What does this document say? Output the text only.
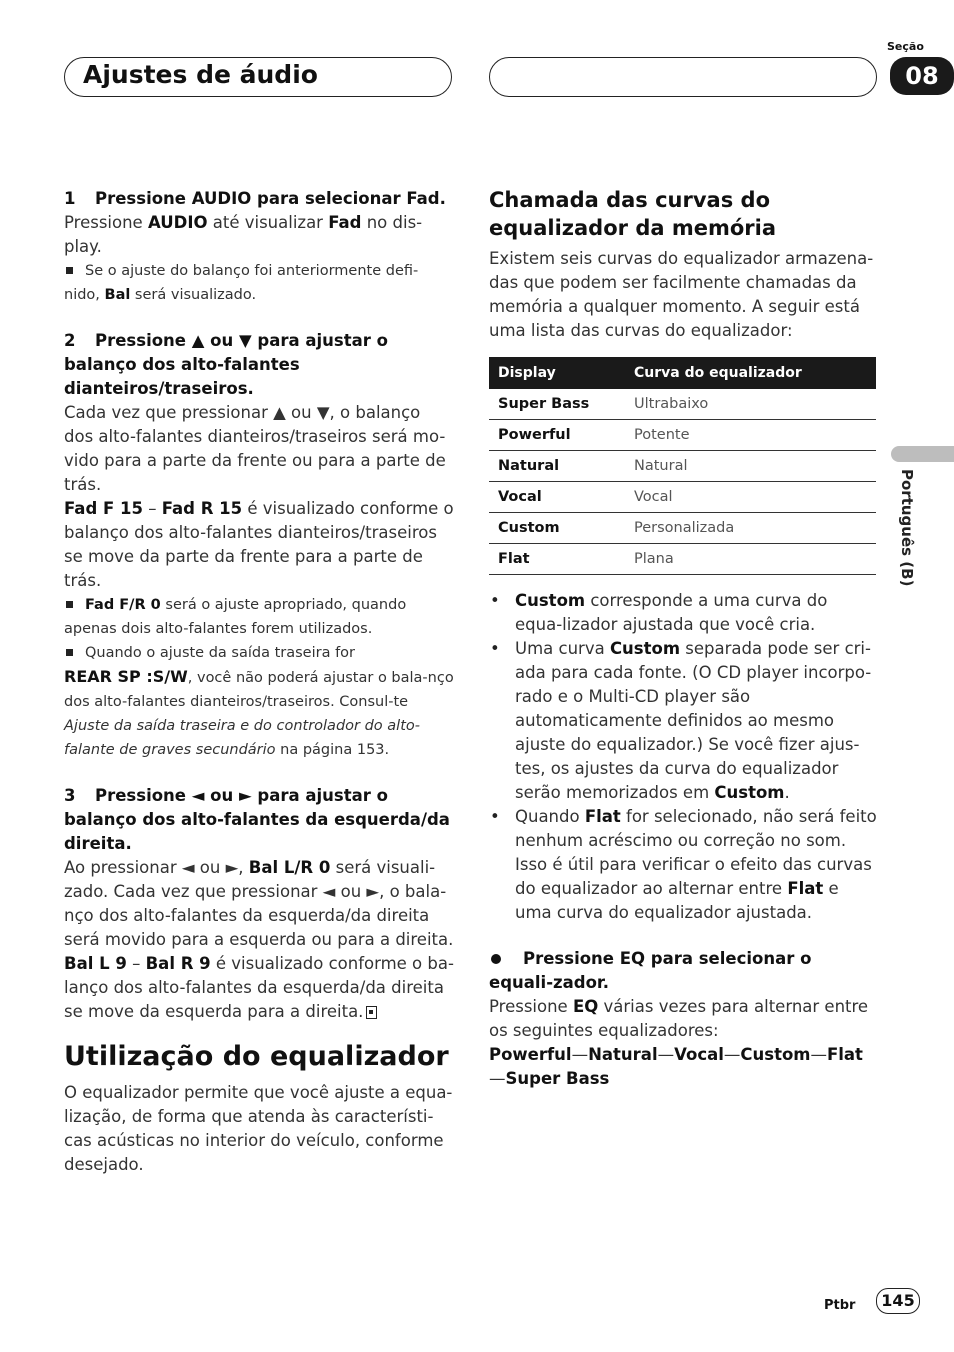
Ajustes de áudio
Seção
08
Português (B)

1 Pressione AUDIO para selecionar Fad.

Pressione AUDIO até visualizar Fad no dis-play.

Se o ajuste do balanço foi anteriormente defi-nido, Bal será visualizado.

2 Pressione ▲ ou ▼ para ajustar o balanço dos alto-falantes dianteiros/traseiros.

Cada vez que pressionar ▲ ou ▼, o balanço dos alto-falantes dianteiros/traseiros será mo-vido para a parte da frente ou para a parte de trás.

Fad F 15 – Fad R 15 é visualizado conforme o balanço dos alto-falantes dianteiros/traseiros se move da parte da frente para a parte de trás.

Fad F/R 0 será o ajuste apropriado, quando apenas dois alto-falantes forem utilizados.

Quando o ajuste da saída traseira for
REAR SP :S/W, você não poderá ajustar o bala-nço dos alto-falantes dianteiros/traseiros. Consul-te Ajuste da saída traseira e do controlador do alto-falante de graves secundário na página 153.

3 Pressione ◄ ou ► para ajustar o balanço dos alto-falantes da esquerda/da direita.

Ao pressionar ◄ ou ►, Bal L/R 0 será visuali-zado. Cada vez que pressionar ◄ ou ►, o bala-nço dos alto-falantes da esquerda/da direita será movido para a esquerda ou para a direita.

Bal L 9 – Bal R 9 é visualizado conforme o ba-lanço dos alto-falantes da esquerda/da direita se move da esquerda para a direita.

Utilização do equalizador

O equalizador permite que você ajuste a equa-lização, de forma que atenda às característi-cas acústicas no interior do veículo, conforme desejado.

Chamada das curvas do equalizador da memória

Existem seis curvas do equalizador armazena-das que podem ser facilmente chamadas da memória a qualquer momento. A seguir está uma lista das curvas do equalizador:

Display	Curva do equalizador
Super Bass	Ultrabaixo
Powerful	Potente
Natural	Natural
Vocal	Vocal
Custom	Personalizada
Flat	Plana
• Custom corresponde a uma curva do equa-lizador ajustada que você cria.
• Uma curva Custom separada pode ser cri-ada para cada fonte. (O CD player incorpo-rado e o Multi-CD player são automaticamente definidos ao mesmo ajuste do equalizador.) Se você fizer ajus-tes, os ajustes da curva do equalizador serão memorizados em Custom.
• Quando Flat for selecionado, não será feito nenhum acréscimo ou correção no som. Isso é útil para verificar o efeito das curvas do equalizador ao alternar entre Flat e uma curva do equalizador ajustada.

Pressione EQ para selecionar o equali-zador.

Pressione EQ várias vezes para alternar entre os seguintes equalizadores:

Powerful—Natural—Vocal—Custom—Flat
—Super Bass

Ptbr	145
